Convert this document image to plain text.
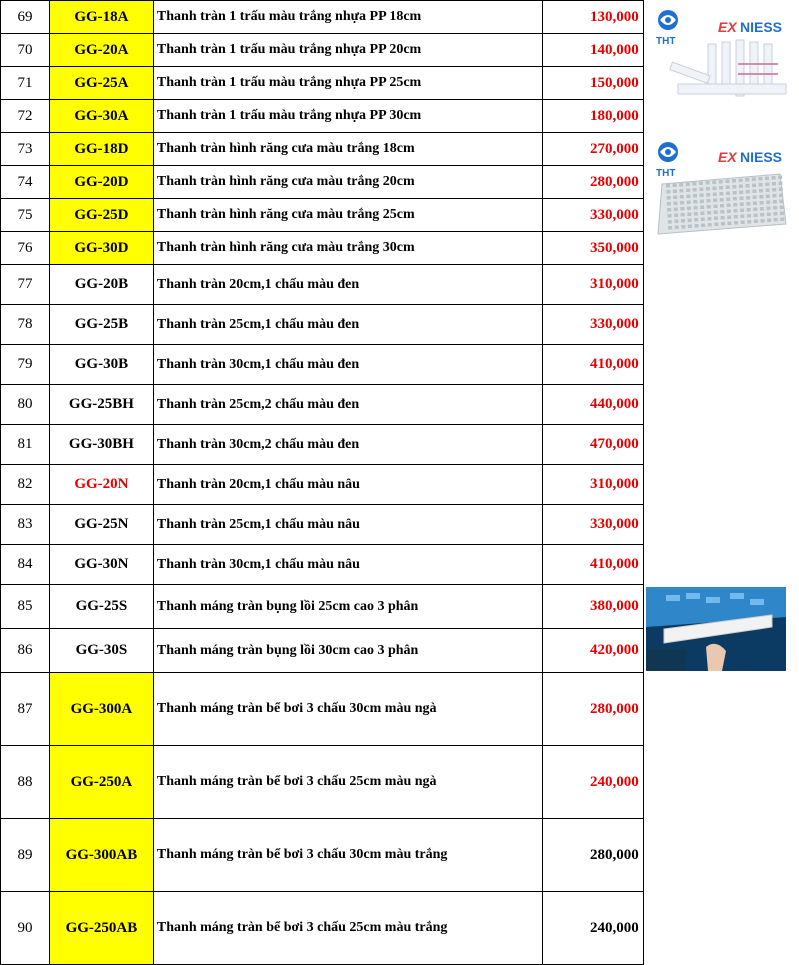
69	GG-18A	Thanh tràn 1 trấu màu trắng nhựa PP 18cm	130,000	
70	GG-20A	Thanh tràn 1 trấu màu trắng nhựa PP 20cm	140,000	
71	GG-25A	Thanh tràn 1 trấu màu trắng nhựa PP 25cm	150,000	
72	GG-30A	Thanh tràn 1 trấu màu trắng nhựa PP 30cm	180,000	
73	GG-18D	Thanh tràn hình răng cưa màu trắng 18cm	270,000	
74	GG-20D	Thanh tràn hình răng cưa màu trắng 20cm	280,000	
75	GG-25D	Thanh tràn hình răng cưa màu trắng 25cm	330,000	
76	GG-30D	Thanh tràn hình răng cưa màu trắng 30cm	350,000	
77	GG-20B	Thanh tràn 20cm,1 chấu màu đen	310,000	
78	GG-25B	Thanh tràn 25cm,1 chấu màu đen	330,000	
79	GG-30B	Thanh tràn 30cm,1 chấu màu đen	410,000	
80	GG-25BH	Thanh tràn 25cm,2 chấu màu đen	440,000	
81	GG-30BH	Thanh tràn 30cm,2 chấu màu đen	470,000	
82	GG-20N	Thanh tràn 20cm,1 chấu màu nâu	310,000	
83	GG-25N	Thanh tràn 25cm,1 chấu màu nâu	330,000	
84	GG-30N	Thanh tràn 30cm,1 chấu màu nâu	410,000	
85	GG-25S	Thanh máng tràn bụng lồi 25cm cao 3 phân	380,000	
86	GG-30S	Thanh máng tràn bụng lồi 30cm cao 3 phân	420,000	
87	GG-300A	Thanh máng tràn bể bơi 3 chấu 30cm màu ngà	280,000	
88	GG-250A	Thanh máng tràn bể bơi 3 chấu 25cm màu ngà	240,000	
89	GG-300AB	Thanh máng tràn bể bơi 3 chấu 30cm màu trắng	280,000	
90	GG-250AB	Thanh máng tràn bể bơi 3 chấu 25cm màu trắng	240,000	
THT
EX NIESS
THT
EX NIESS
